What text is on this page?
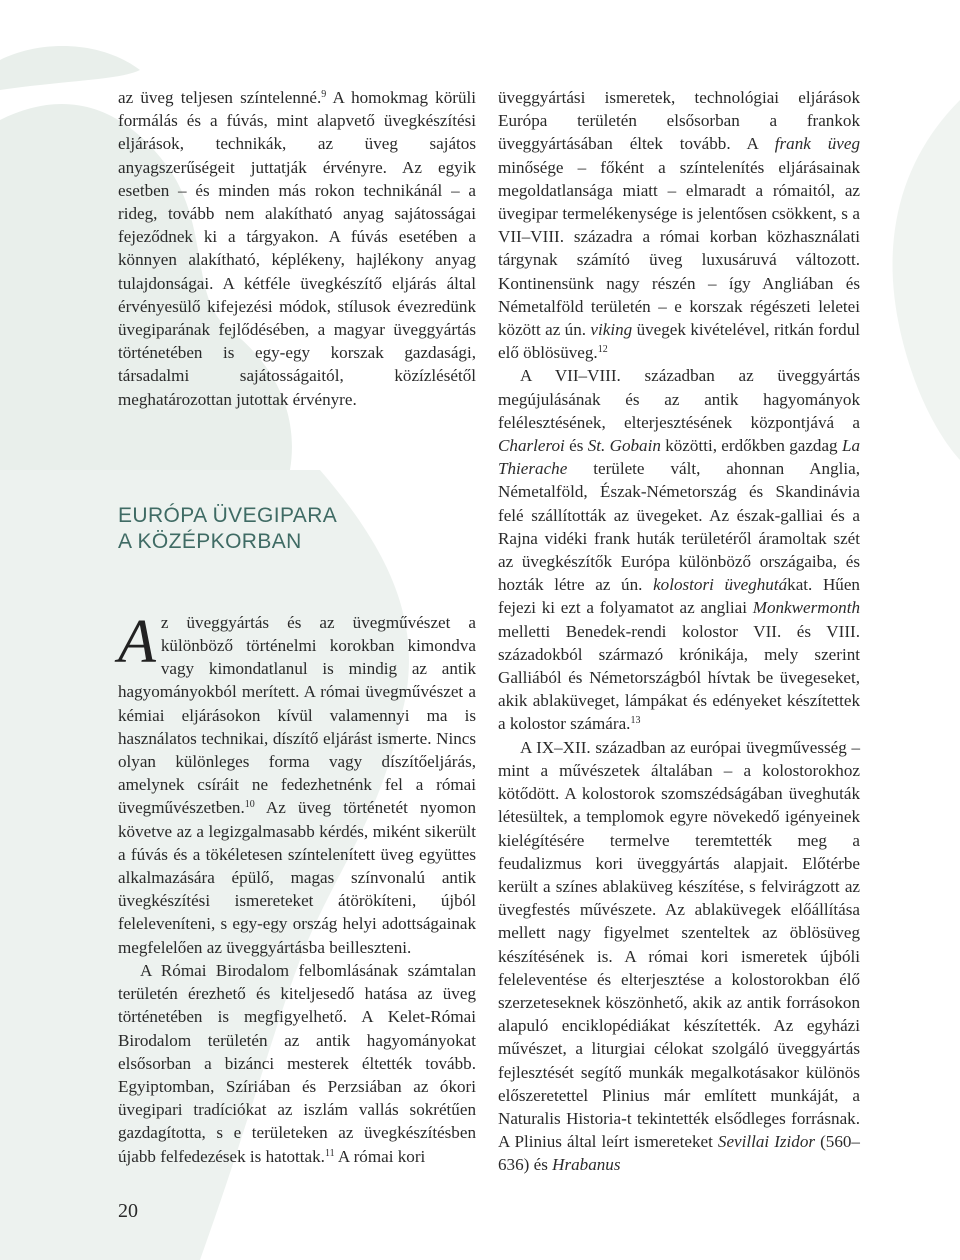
az üveg teljesen színtelenné.$^9$ A homokmag körüli formálás és a fúvás, mint alapvető üvegkészítési eljárások, technikák, az üveg sajátos anyagszerűségeit juttatják érvényre. Az egyik esetben – és minden más rokon technikánál – a rideg, tovább nem alakítható anyag sajátosságai fejeződnek ki a tárgyakon. A fúvás esetében a könnyen alakítható, képlékeny, hajlékony anyag tulajdonságai. A kétféle üvegkészítő eljárás által érvényesülő kifejezési módok, stílusok évezredünk üvegiparának fejlődésében, a magyar üveggyártás történetében is egy-egy korszak gazdasági, társadalmi sajátosságaitól, közízlésétől meghatározottan jutottak érvényre.

EURÓPA ÜVEGIPARA
A KÖZÉPKORBAN

Az üveggyártás és az üvegművészet a különböző történelmi korokban kimondva vagy kimondatlanul is mindig az antik hagyományokból merített. A római üvegművészet a kémiai eljárásokon kívül valamennyi ma is használatos technikai, díszítő eljárást ismerte. Nincs olyan különleges forma vagy díszítőeljárás, amelynek csíráit ne fedezhetnénk fel a római üvegművészetben.$^{10}$ Az üveg történetét nyomon követve az a legizgalmasabb kérdés, miként sikerült a fúvás és a tökéletesen színtelenített üveg együttes alkalmazására épülő, magas színvonalú antik üvegkészítési ismereteket átörökíteni, újból feleleveníteni, s egy-egy ország helyi adottságainak megfelelően az üveggyártásba beilleszteni.

A Római Birodalom felbomlásának számtalan területén érezhető és kiteljesedő hatása az üveg történetében is megfigyelhető. A Kelet-Római Birodalom területén az antik hagyományokat elsősorban a bizánci mesterek éltették tovább. Egyiptomban, Szíriában és Perzsiában az ókori üvegipari tradíciókat az iszlám vallás sokrétűen gazdagította, s e területeken az üvegkészítésben újabb felfedezések is hatottak.$^{11}$ A római kori

üveggyártási ismeretek, technológiai eljárások Európa területén elsősorban a frankok üveggyártásában éltek tovább. A frank üveg minősége – főként a színtelenítés eljárásainak megoldatlansága miatt – elmaradt a rómaitól, az üvegipar termelékenysége is jelentősen csökkent, s a VII–VIII. századra a római korban közhasználati tárgynak számító üveg luxusáruvá változott. Kontinensünk nagy részén – így Angliában és Németalföld területén – e korszak régészeti leletei között az ún. viking üvegek kivételével, ritkán fordul elő öblösüveg.$^{12}$

A VII–VIII. században az üveggyártás megújulásának és az antik hagyományok felélesztésének, elterjesztésének központjává a Charleroi és St. Gobain közötti, erdőkben gazdag La Thierache területe vált, ahonnan Anglia, Németalföld, Észak-Németország és Skandinávia felé szállították az üvegeket. Az észak-galliai és a Rajna vidéki frank huták területéről áramoltak szét az üvegkészítők Európa különböző országaiba, és hozták létre az ún. kolostori üveghutákat. Hűen fejezi ki ezt a folyamatot az angliai Monkwermonth melletti Benedek-rendi kolostor VII. és VIII. századokból származó krónikája, mely szerint Galliából és Németországból hívtak be üvegeseket, akik ablaküveget, lámpákat és edényeket készítettek a kolostor számára.$^{13}$

A IX–XII. században az európai üvegművesség – mint a művészetek általában – a kolostorokhoz kötődött. A kolostorok szomszédságában üveghuták létesültek, a templomok egyre növekedő igényeinek kielégítésére termelve teremtették meg a feudalizmus kori üveggyártás alapjait. Előtérbe került a színes ablaküveg készítése, s felvirágzott az üvegfestés művészete. Az ablaküvegek előállítása mellett nagy figyelmet szenteltek az öblösüveg készítésének is. A római kori ismeretek újbóli feleleventése és elterjesztése a kolostorokban élő szerzeteseknek köszönhető, akik az antik forrásokon alapuló enciklopédiákat készítették. Az egyházi művészet, a liturgiai célokat szolgáló üveggyártás fejlesztését segítő munkák megalkotásakor különös előszeretettel Plinius már említett munkáját, a Naturalis Historia-t tekintették elsődleges forrásnak. A Plinius által leírt ismereteket Sevillai Izidor (560–636) és Hrabanus

20
